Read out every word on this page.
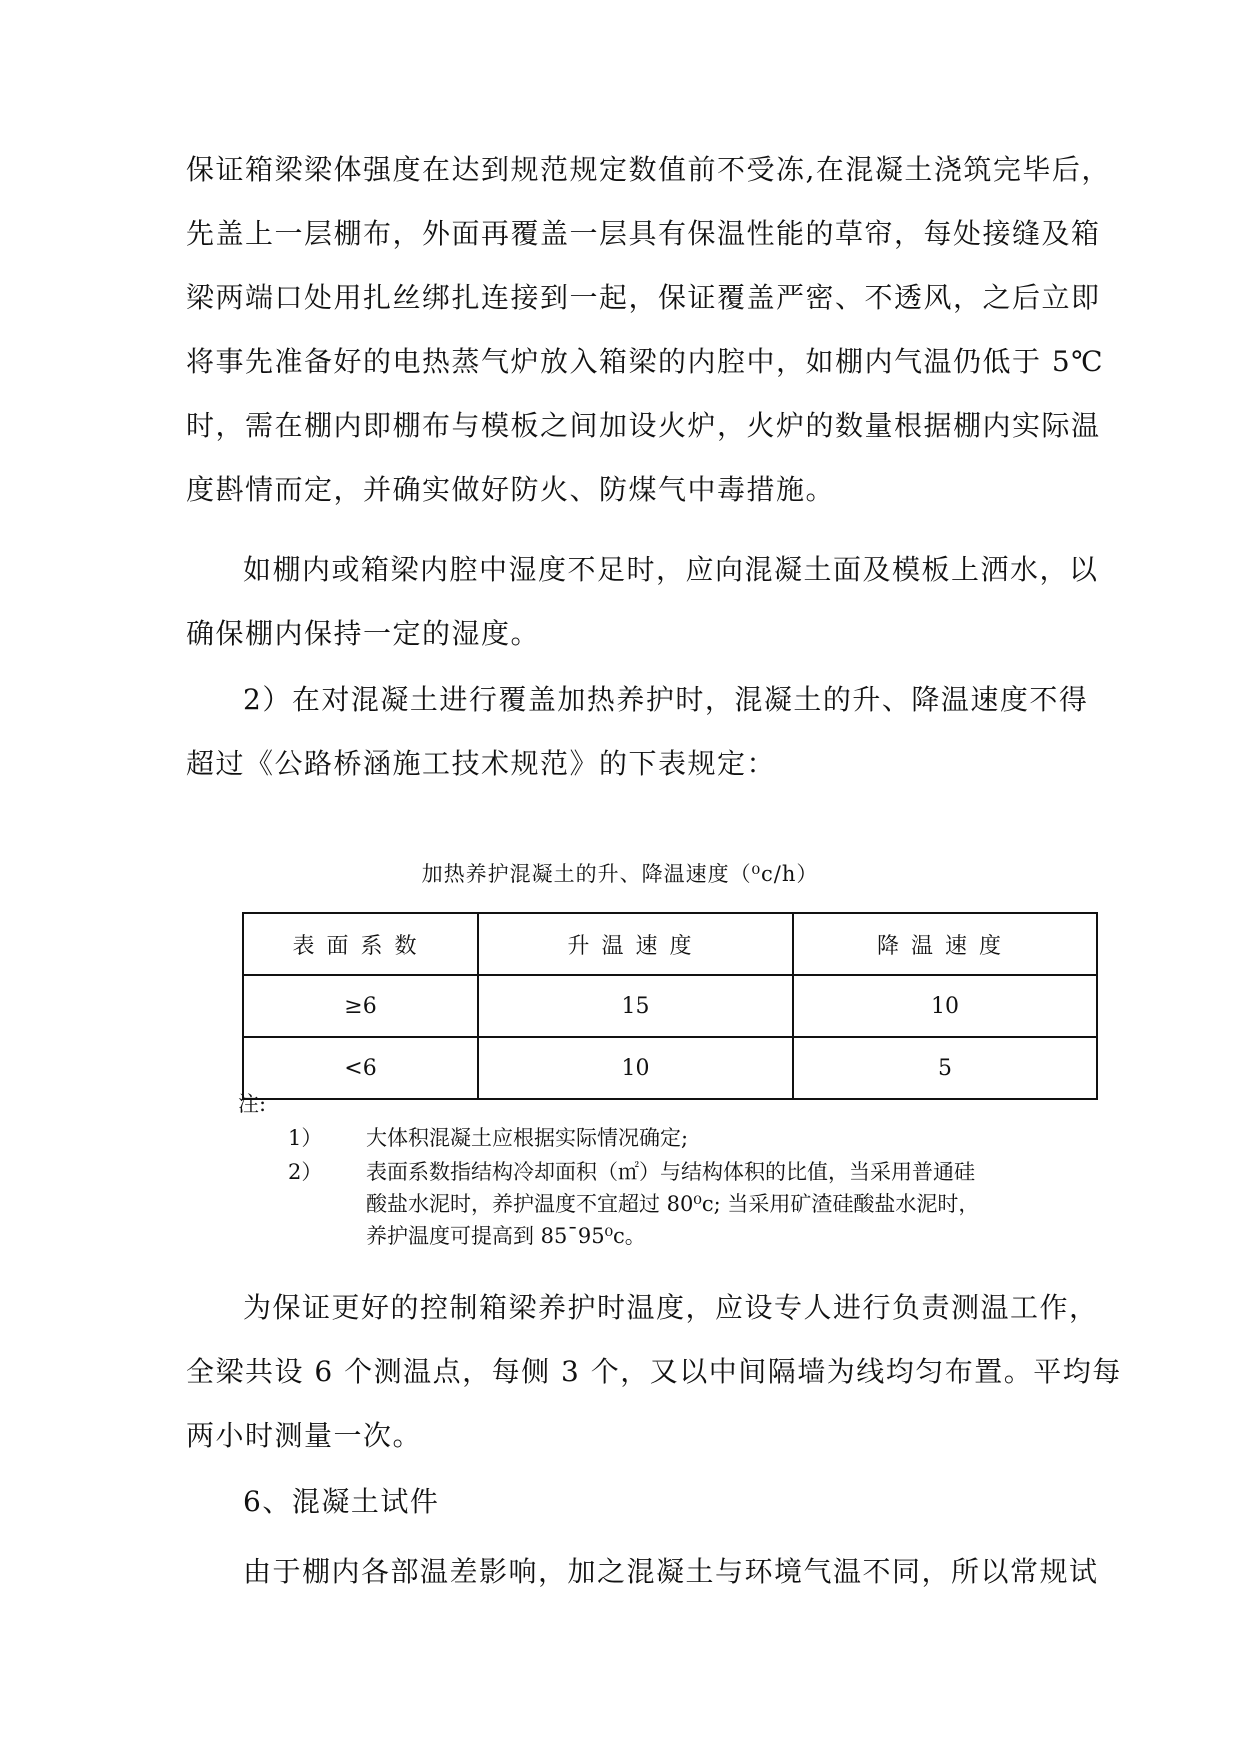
保证箱梁梁体强度在达到规范规定数值前不受冻,在混凝土浇筑完毕后，
先盖上一层棚布，外面再覆盖一层具有保温性能的草帘，每处接缝及箱
梁两端口处用扎丝绑扎连接到一起，保证覆盖严密、不透风，之后立即
将事先准备好的电热蒸气炉放入箱梁的内腔中，如棚内气温仍低于 5℃
时，需在棚内即棚布与模板之间加设火炉，火炉的数量根据棚内实际温
度斟情而定，并确实做好防火、防煤气中毒措施。
如棚内或箱梁内腔中湿度不足时，应向混凝土面及模板上洒水，以
确保棚内保持一定的湿度。
2）在对混凝土进行覆盖加热养护时，混凝土的升、降温速度不得
超过《公路桥涵施工技术规范》的下表规定：

加热养护混凝土的升、降温速度（⁰c/h）

表面系数	升温速度	降温速度
≥6	15	10
<6	10	5
注:
1） 大体积混凝土应根据实际情况确定;
2） 表面系数指结构冷却面积（㎡）与结构体积的比值，当采用普通硅
酸盐水泥时，养护温度不宜超过 80⁰c; 当采用矿渣硅酸盐水泥时，
养护温度可提高到 85¯95⁰c。
为保证更好的控制箱梁养护时温度，应设专人进行负责测温工作，
全梁共设 6 个测温点，每侧 3 个，又以中间隔墙为线均匀布置。平均每
两小时测量一次。
6、混凝土试件
由于棚内各部温差影响，加之混凝土与环境气温不同，所以常规试
